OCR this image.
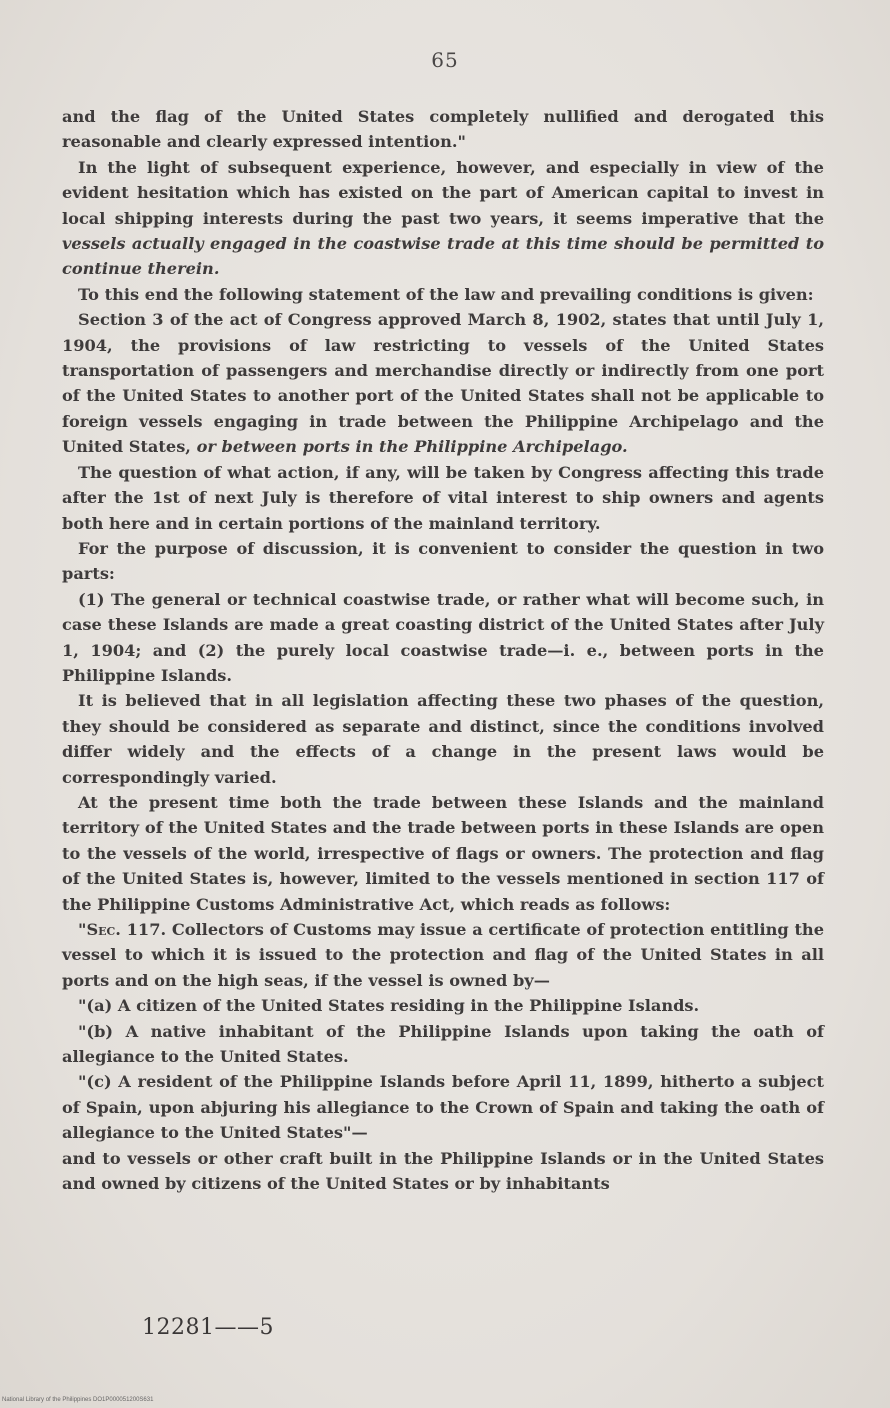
65

and the flag of the United States completely nullified and derogated this reasonable and clearly expressed intention."

In the light of subsequent experience, however, and especially in view of the evident hesitation which has existed on the part of American capital to invest in local shipping interests during the past two years, it seems imperative that the vessels actually engaged in the coastwise trade at this time should be permitted to continue therein.

To this end the following statement of the law and prevailing conditions is given:

Section 3 of the act of Congress approved March 8, 1902, states that until July 1, 1904, the provisions of law restricting to vessels of the United States transportation of passengers and merchandise directly or indirectly from one port of the United States to another port of the United States shall not be applicable to foreign vessels engaging in trade between the Philippine Archipelago and the United States, or between ports in the Philippine Archipelago.

The question of what action, if any, will be taken by Congress affecting this trade after the 1st of next July is therefore of vital interest to ship owners and agents both here and in certain portions of the mainland territory.

For the purpose of discussion, it is convenient to consider the question in two parts:

(1) The general or technical coastwise trade, or rather what will become such, in case these Islands are made a great coasting district of the United States after July 1, 1904; and (2) the purely local coastwise trade—i. e., between ports in the Philippine Islands.

It is believed that in all legislation affecting these two phases of the question, they should be considered as separate and distinct, since the conditions involved differ widely and the effects of a change in the present laws would be correspondingly varied.

At the present time both the trade between these Islands and the mainland territory of the United States and the trade between ports in these Islands are open to the vessels of the world, irrespective of flags or owners. The protection and flag of the United States is, however, limited to the vessels mentioned in section 117 of the Philippine Customs Administrative Act, which reads as follows:

"Sec. 117. Collectors of Customs may issue a certificate of protection entitling the vessel to which it is issued to the protection and flag of the United States in all ports and on the high seas, if the vessel is owned by—

"(a) A citizen of the United States residing in the Philippine Islands.

"(b) A native inhabitant of the Philippine Islands upon taking the oath of allegiance to the United States.

"(c) A resident of the Philippine Islands before April 11, 1899, hitherto a subject of Spain, upon abjuring his allegiance to the Crown of Spain and taking the oath of allegiance to the United States"—

and to vessels or other craft built in the Philippine Islands or in the United States and owned by citizens of the United States or by inhabitants

12281——5
National Library of the Philippines DO1P000051200S631
